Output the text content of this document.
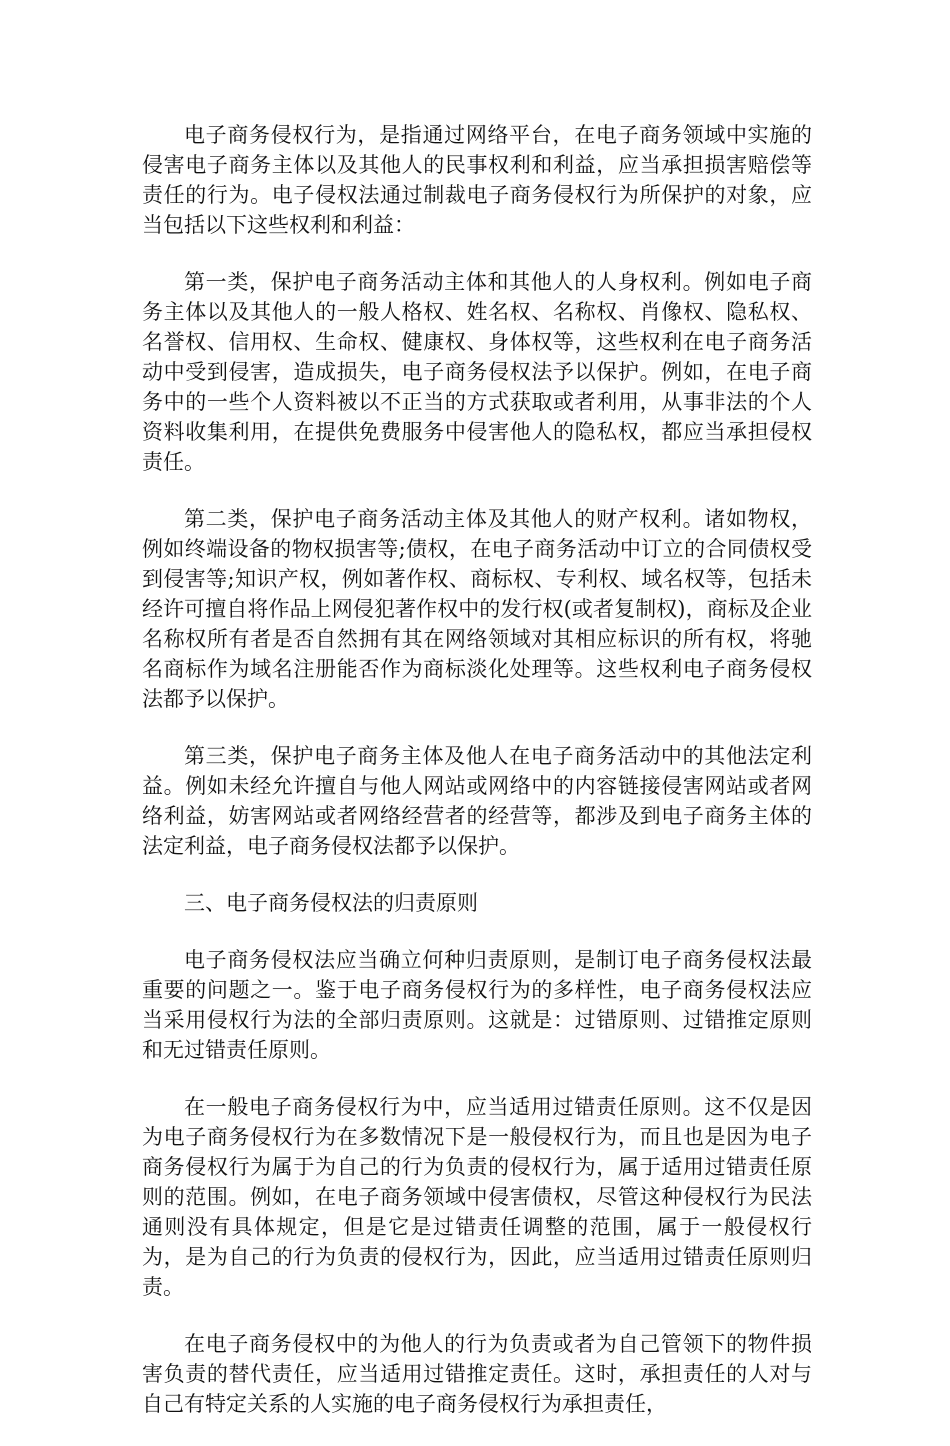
电子商务侵权行为，是指通过网络平台，在电子商务领域中实施的侵害电子商务主体以及其他人的民事权利和利益，应当承担损害赔偿等责任的行为。电子侵权法通过制裁电子商务侵权行为所保护的对象，应当包括以下这些权利和利益：

第一类，保护电子商务活动主体和其他人的人身权利。例如电子商务主体以及其他人的一般人格权、姓名权、名称权、肖像权、隐私权、名誉权、信用权、生命权、健康权、身体权等，这些权利在电子商务活动中受到侵害，造成损失，电子商务侵权法予以保护。例如，在电子商务中的一些个人资料被以不正当的方式获取或者利用，从事非法的个人资料收集利用，在提供免费服务中侵害他人的隐私权，都应当承担侵权责任。

第二类，保护电子商务活动主体及其他人的财产权利。诸如物权，例如终端设备的物权损害等;债权，在电子商务活动中订立的合同债权受到侵害等;知识产权，例如著作权、商标权、专利权、域名权等，包括未经许可擅自将作品上网侵犯著作权中的发行权(或者复制权)，商标及企业名称权所有者是否自然拥有其在网络领域对其相应标识的所有权，将驰名商标作为域名注册能否作为商标淡化处理等。这些权利电子商务侵权法都予以保护。

第三类，保护电子商务主体及他人在电子商务活动中的其他法定利益。例如未经允许擅自与他人网站或网络中的内容链接侵害网站或者网络利益，妨害网站或者网络经营者的经营等，都涉及到电子商务主体的法定利益，电子商务侵权法都予以保护。

三、电子商务侵权法的归责原则

电子商务侵权法应当确立何种归责原则，是制订电子商务侵权法最重要的问题之一。鉴于电子商务侵权行为的多样性，电子商务侵权法应当采用侵权行为法的全部归责原则。这就是：过错原则、过错推定原则和无过错责任原则。

在一般电子商务侵权行为中，应当适用过错责任原则。这不仅是因为电子商务侵权行为在多数情况下是一般侵权行为，而且也是因为电子商务侵权行为属于为自己的行为负责的侵权行为，属于适用过错责任原则的范围。例如，在电子商务领域中侵害债权，尽管这种侵权行为民法通则没有具体规定，但是它是过错责任调整的范围，属于一般侵权行为，是为自己的行为负责的侵权行为，因此，应当适用过错责任原则归责。

在电子商务侵权中的为他人的行为负责或者为自己管领下的物件损害负责的替代责任，应当适用过错推定责任。这时，承担责任的人对与自己有特定关系的人实施的电子商务侵权行为承担责任，
